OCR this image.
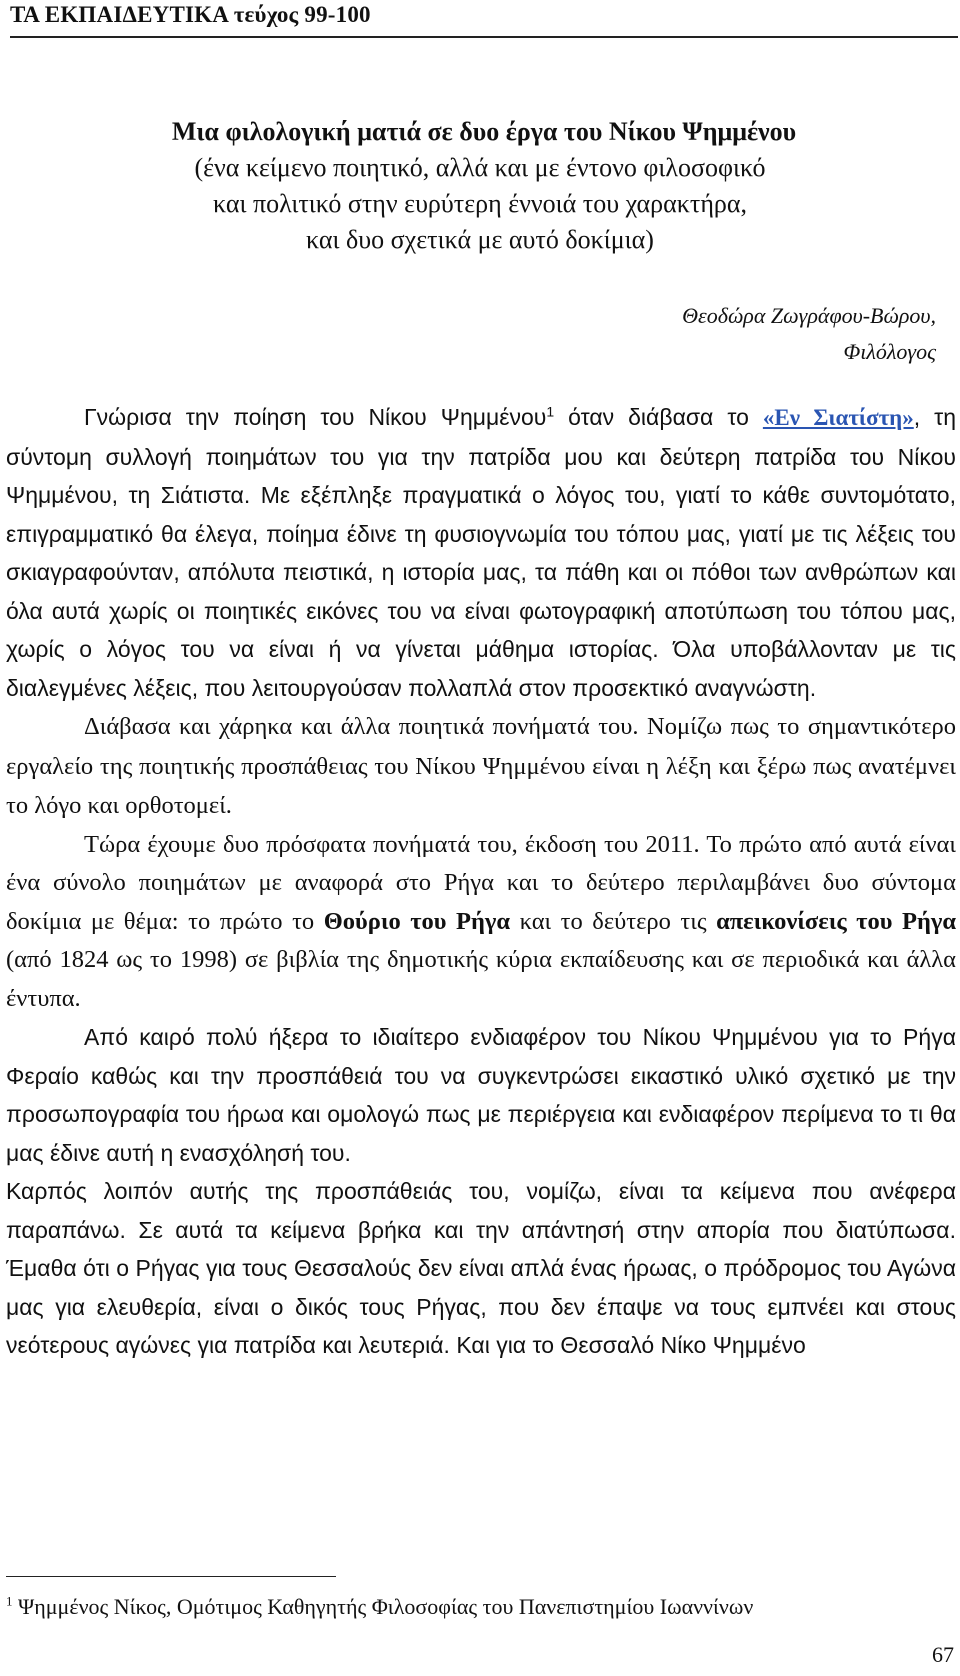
ΤΑ ΕΚΠΑΙΔΕΥΤΙΚΑ τεύχος 99-100
Μια φιλολογική ματιά σε δυο έργα του Νίκου Ψημμένου
(ένα κείμενο ποιητικό, αλλά και με έντονο φιλοσοφικό
και πολιτικό στην ευρύτερη έννοιά του χαρακτήρα,
και δυο σχετικά με αυτό δοκίμια)
Θεοδώρα Ζωγράφου-Βώρου,
Φιλόλογος

Γνώρισα την ποίηση του Νίκου Ψημμένου$^1$ όταν διάβασα το «Εν Σιατίστη», τη σύντομη συλλογή ποιημάτων του για την πατρίδα μου και δεύτερη πατρίδα του Νίκου Ψημμένου, τη Σιάτιστα. Με εξέπληξε πραγματικά ο λόγος του, γιατί το κάθε συντομότατο, επιγραμματικό θα έλεγα, ποίημα έδινε τη φυσιογνωμία του τόπου μας, γιατί με τις λέξεις του σκιαγραφούνταν, απόλυτα πειστικά, η ιστορία μας, τα πάθη και οι πόθοι των ανθρώπων και όλα αυτά χωρίς οι ποιητικές εικόνες του να είναι φωτογραφική αποτύπωση του τόπου μας, χωρίς ο λόγος του να είναι ή να γίνεται μάθημα ιστορίας. Όλα υποβάλλονταν με τις διαλεγμένες λέξεις, που λειτουργούσαν πολλαπλά στον προσεκτικό αναγνώστη.

Διάβασα και χάρηκα και άλλα ποιητικά πονήματά του. Νομίζω πως το σημαντικότερο εργαλείο της ποιητικής προσπάθειας του Νίκου Ψημμένου είναι η λέξη και ξέρω πως ανατέμνει το λόγο και ορθοτομεί.

Τώρα έχουμε δυο πρόσφατα πονήματά του, έκδοση του 2011. Το πρώτο από αυτά είναι ένα σύνολο ποιημάτων με αναφορά στο Ρήγα και το δεύτερο περιλαμβάνει δυο σύντομα δοκίμια με θέμα: το πρώτο το Θούριο του Ρήγα και το δεύτερο τις απεικονίσεις του Ρήγα (από 1824 ως το 1998) σε βιβλία της δημοτικής κύρια εκπαίδευσης και σε περιοδικά και άλλα έντυπα.

Από καιρό πολύ ήξερα το ιδιαίτερο ενδιαφέρον του Νίκου Ψημμένου για το Ρήγα Φεραίο καθώς και την προσπάθειά του να συγκεντρώσει εικαστικό υλικό σχετικό με την προσωπογραφία του ήρωα και ομολογώ πως με περιέργεια και ενδιαφέρον περίμενα το τι θα μας έδινε αυτή η ενασχόλησή του.

Καρπός λοιπόν αυτής της προσπάθειάς του, νομίζω, είναι τα κείμενα που ανέφερα παραπάνω. Σε αυτά τα κείμενα βρήκα και την απάντησή στην απορία που διατύπωσα. Έμαθα ότι ο Ρήγας για τους Θεσσαλούς δεν είναι απλά ένας ήρωας, ο πρόδρομος του Αγώνα μας για ελευθερία, είναι ο δικός τους Ρήγας, που δεν έπαψε να τους εμπνέει και στους νεότερους αγώνες για πατρίδα και λευτεριά. Και για το Θεσσαλό Νίκο Ψημμένο

$^1$ Ψημμένος Νίκος, Ομότιμος Καθηγητής Φιλοσοφίας του Πανεπιστημίου Ιωαννίνων
67
